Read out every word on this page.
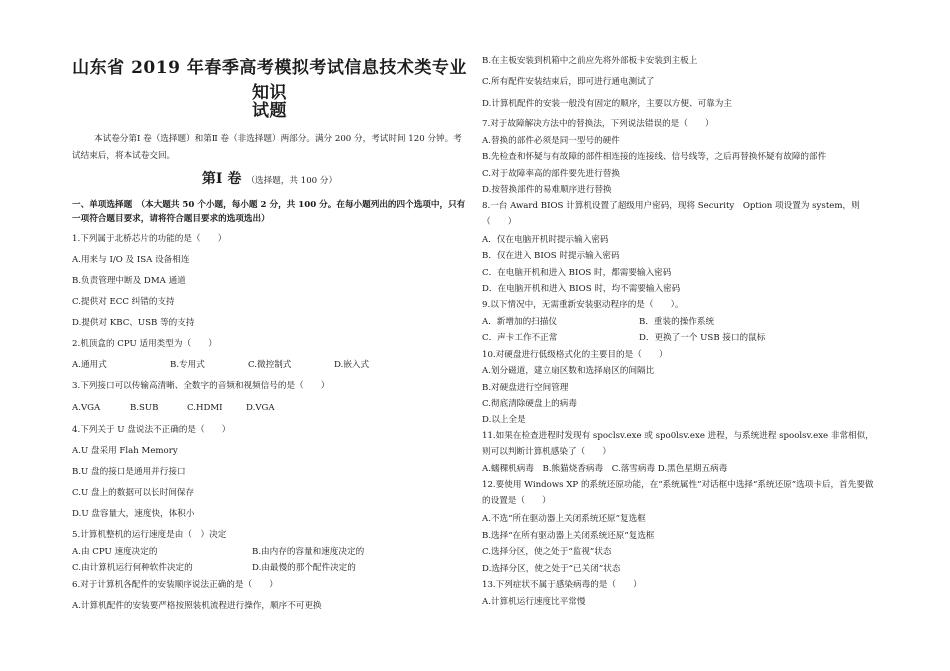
山东省 2019 年春季高考模拟考试信息技术类专业知识
试题
本试卷分第Ⅰ 卷（选择题）和第Ⅱ 卷（非选择题）两部分。满分 200 分，考试时间 120 分钟。考试结束后，将本试卷交回。
第Ⅰ 卷 （选择题，共 100 分）
一、单项选择题　（本大题共 50 个小题，每小题 2 分，共 100 分。在每小题列出的四个选项中，只有一项符合题目要求，请将符合题目要求的选项选出）
1.下列属于北桥芯片的功能的是（　　）
A.用来与 I/O 及 ISA 设备相连
B.负责管理中断及 DMA 通道
C.提供对 ECC 纠错的支持
D.提供对 KBC、USB 等的支持
2.机顶盒的 CPU 适用类型为（　　）
A.通用式	B.专用式	C.微控制式	D.嵌入式
3.下列接口可以传输高清晰、全数字的音频和视频信号的是（　　）
A.VGA	B.SUB	C.HDMI	D.VGA
4.下列关于 U 盘说法不正确的是（　　）
A.U 盘采用 Flah Memory
B.U 盘的接口是通用并行接口
C.U 盘上的数据可以长时间保存
D.U 盘容量大，速度快，体积小
5.计算机整机的运行速度是由（　）决定
A.由 CPU 速度决定的	B.由内存的容量和速度决定的
C.由计算机运行何种软件决定的	D.由最慢的那个配件决定的
6.对于计算机各配件的安装顺序说法正确的是（　　）
A.计算机配件的安装要严格按照装机流程进行操作，顺序不可更换
B.在主板安装到机箱中之前应先将外部板卡安装到主板上
C.所有配件安装结束后，即可进行通电测试了
D.计算机配件的安装一般没有固定的顺序，主要以方便、可靠为主
7.对于故障解决方法中的替换法，下列说法错误的是（　　）
A.替换的部件必须是同一型号的硬件
B.先检查和怀疑与有故障的部件相连接的连接线、信号线等，之后再替换怀疑有故障的部件
C.对于故障率高的部件要先进行替换
D.按替换部件的易难顺序进行替换
8.一台 Award BIOS 计算机设置了超级用户密码，现将 Security　Option 项设置为 system，则　（　　）
A．仅在电脑开机时提示输入密码
B．仅在进入 BIOS 时提示输入密码
C．在电脑开机和进入 BIOS 时，都需要输入密码
D．在电脑开机和进入 BIOS 时，均不需要输入密码
9.以下情况中，无需重新安装驱动程序的是（　　）。
A．新增加的扫描仪	B．重装的操作系统
C．声卡工作不正常	D．更换了一个 USB 接口的鼠标
10.对硬盘进行低级格式化的主要目的是（　　）
A.划分磁道，建立扇区数和选择扇区的间隔比
B.对硬盘进行空间管理
C.彻底清除硬盘上的病毒
D.以上全是
11.如果在检查进程时发现有 spoclsv.exe 或 spo0lsv.exe 进程，与系统进程 spoolsv.exe 非常相似，则可以判断计算机感染了（　　）
A.蠕稞机病毒　B.熊猫烧香病毒　C.落雪病毒 D.黑色星期五病毒
12.要使用 Windows XP 的系统还原功能，在“系统属性”对话框中选择“系统还原”选项卡后，首先要做的设置是（　　）
A.不选“所在驱动器上关闭系统还原”复选框
B.选择“在所有驱动器上关闭系统还原”复选框
C.选择分区，使之处于“监视”状态
D.选择分区，使之处于“已关闭”状态
13.下列症状不属于感染病毒的是（　　）
A.计算机运行速度比平常慢
